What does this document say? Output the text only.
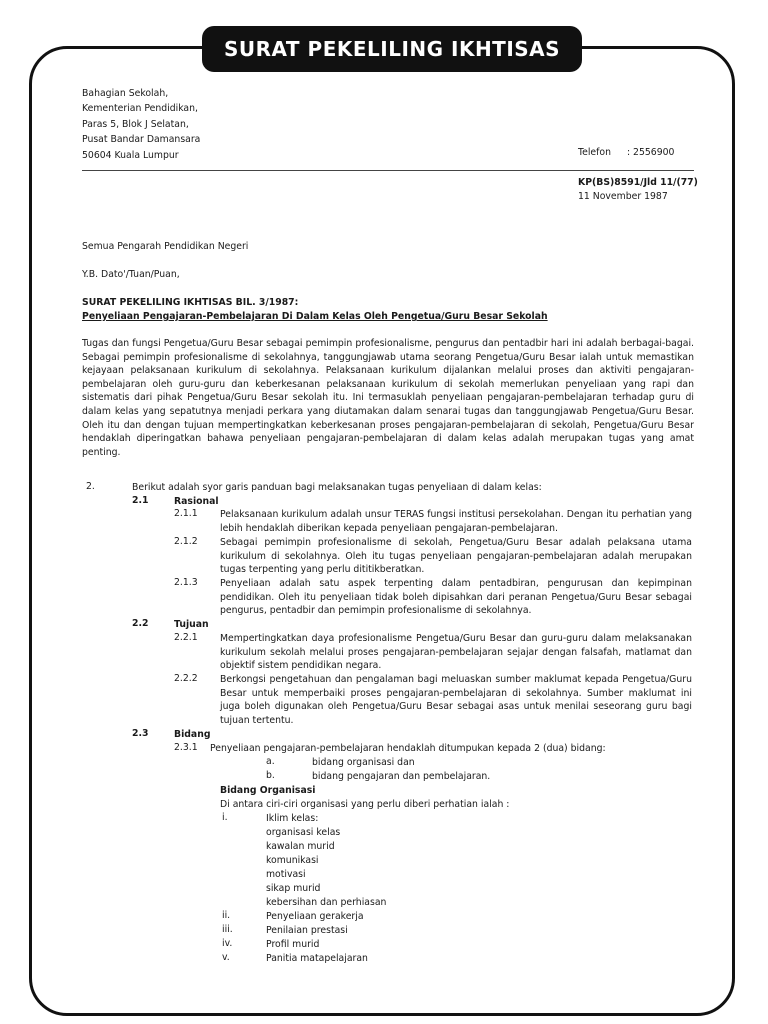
SURAT PEKELILING IKHTISAS
Bahagian Sekolah,
Kementerian Pendidikan,
Paras 5, Blok J Selatan,
Pusat Bandar Damansara
50604 Kuala Lumpur	Telefon : 2556900
KP(BS)8591/Jld 11/(77)
11 November 1987
Semua Pengarah Pendidikan Negeri
Y.B. Dato'/Tuan/Puan,
SURAT PEKELILING IKHTISAS BIL. 3/1987:
Penyeliaan Pengajaran-Pembelajaran Di Dalam Kelas Oleh Pengetua/Guru Besar Sekolah
Tugas dan fungsi Pengetua/Guru Besar sebagai pemimpin profesionalisme, pengurus dan pentadbir hari ini adalah berbagai-bagai. Sebagai pemimpin profesionalisme di sekolahnya, tanggungjawab utama seorang Pengetua/Guru Besar ialah untuk memastikan kejayaan pelaksanaan kurikulum di sekolahnya. Pelaksanaan kurikulum dijalankan melalui proses dan aktiviti pengajaran-pembelajaran oleh guru-guru dan keberkesanan pelaksanaan kurikulum di sekolah memerlukan penyeliaan yang rapi dan sistematis dari pihak Pengetua/Guru Besar sekolah itu. Ini termasuklah penyeliaan pengajaran-pembelajaran terhadap guru di dalam kelas yang sepatutnya menjadi perkara yang diutamakan dalam senarai tugas dan tanggungjawab Pengetua/Guru Besar. Oleh itu dan dengan tujuan mempertingkatkan keberkesanan proses pengajaran-pembelajaran di sekolah, Pengetua/Guru Besar hendaklah diperingatkan bahawa penyeliaan pengajaran-pembelajaran di dalam kelas adalah merupakan tugas yang amat penting.
2.	Berikut adalah syor garis panduan bagi melaksanakan tugas penyeliaan di dalam kelas:
2.1	Rasional
2.1.1 Pelaksanaan kurikulum adalah unsur TERAS fungsi institusi persekolahan. Dengan itu perhatian yang lebih hendaklah diberikan kepada penyeliaan pengajaran-pembelajaran.
2.1.2 Sebagai pemimpin profesionalisme di sekolah, Pengetua/Guru Besar adalah pelaksana utama kurikulum di sekolahnya. Oleh itu tugas penyeliaan pengajaran-pembelajaran adalah merupakan tugas terpenting yang perlu dititikberatkan.
2.1.3 Penyeliaan adalah satu aspek terpenting dalam pentadbiran, pengurusan dan kepimpinan pendidikan. Oleh itu penyeliaan tidak boleh dipisahkan dari peranan Pengetua/Guru Besar sebagai pengurus, pentadbir dan pemimpin profesionalisme di sekolahnya.
2.2	Tujuan
2.2.1 Mempertingkatkan daya profesionalisme Pengetua/Guru Besar dan guru-guru dalam melaksanakan kurikulum sekolah melalui proses pengajaran-pembelajaran sejajar dengan falsafah, matlamat dan objektif sistem pendidikan negara.
2.2.2 Berkongsi pengetahuan dan pengalaman bagi meluaskan sumber maklumat kepada Pengetua/Guru Besar untuk memperbaiki proses pengajaran-pembelajaran di sekolahnya. Sumber maklumat ini juga boleh digunakan oleh Pengetua/Guru Besar sebagai asas untuk menilai seseorang guru bagi tujuan tertentu.
2.3	Bidang
2.3.1 Penyeliaan pengajaran-pembelajaran hendaklah ditumpukan kepada 2 (dua) bidang:
a.	bidang organisasi dan
b.	bidang pengajaran dan pembelajaran.
Bidang Organisasi
Di antara ciri-ciri organisasi yang perlu diberi perhatian ialah :
i.	Iklim kelas:
organisasi kelas
kawalan murid
komunikasi
motivasi
sikap murid
kebersihan dan perhiasan
ii.	Penyeliaan gerakerja
iii.	Penilaian prestasi
iv.	Profil murid
v.	Panitia matapelajaran
